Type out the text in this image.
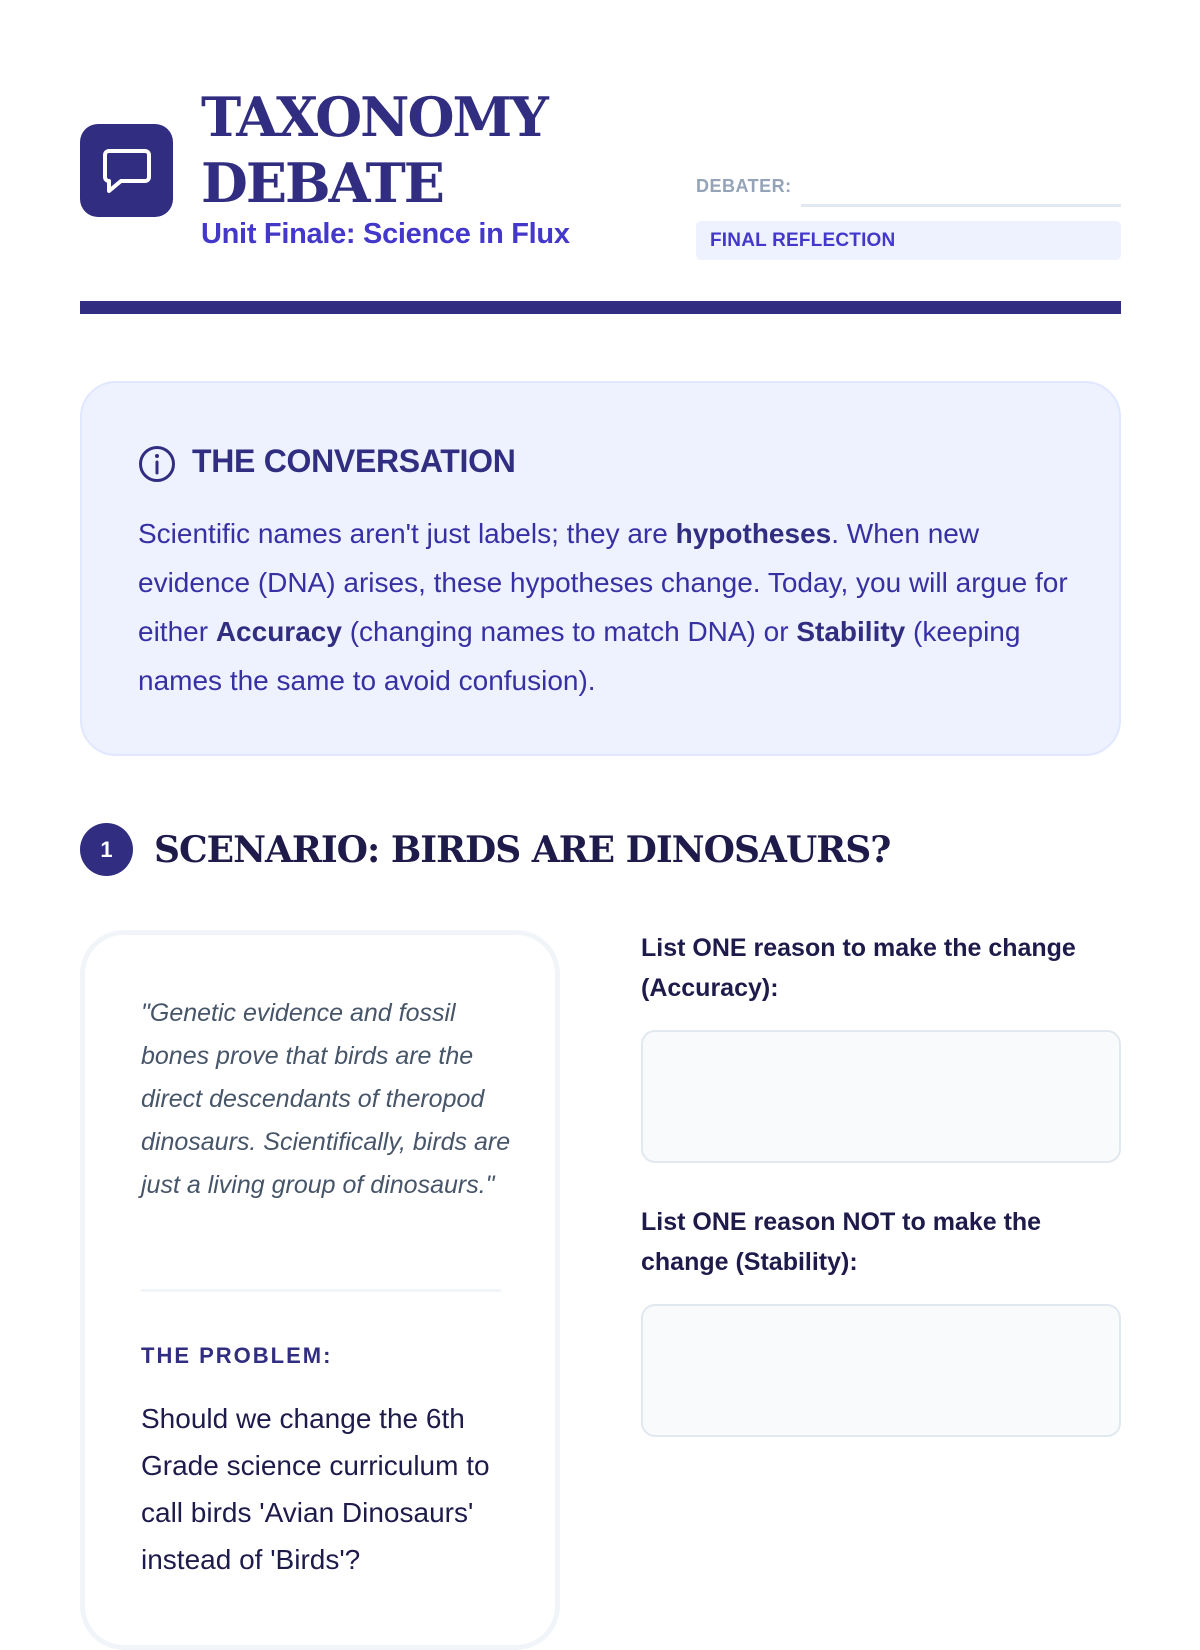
TAXONOMY
DEBATE
Unit Finale: Science in Flux
DEBATER:
FINAL REFLECTION
THE CONVERSATION

Scientific names aren't just labels; they are hypotheses. When new evidence (DNA) arises, these hypotheses change. Today, you will argue for either Accuracy (changing names to match DNA) or Stability (keeping names the same to avoid confusion).

1	SCENARIO: BIRDS ARE DINOSAURS?

"Genetic evidence and fossil bones prove that birds are the direct descendants of theropod dinosaurs. Scientifically, birds are just a living group of dinosaurs."

THE PROBLEM:

Should we change the 6th Grade science curriculum to call birds 'Avian Dinosaurs' instead of 'Birds'?

List ONE reason to make the change (Accuracy):

List ONE reason NOT to make the change (Stability):
